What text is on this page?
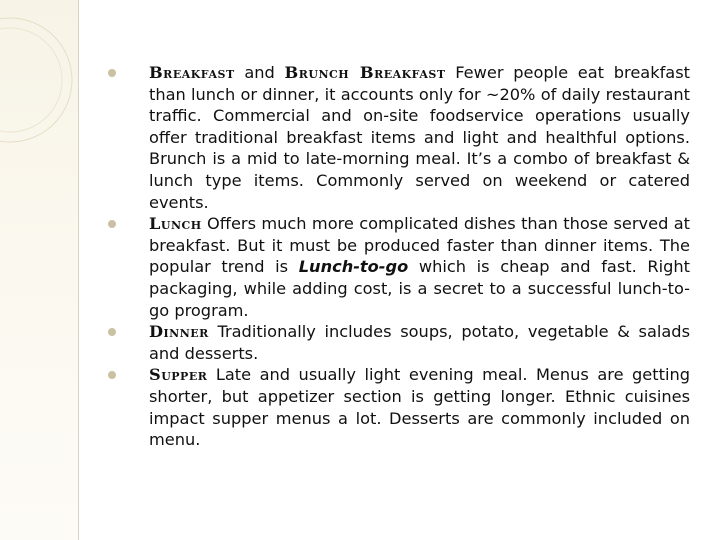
Breakfast and Brunch Breakfast Fewer people eat breakfast than lunch or dinner, it accounts only for ~20% of daily restaurant traffic. Commercial and on-site foodservice operations usually offer traditional breakfast items and light and healthful options. Brunch is a mid to late-morning meal. It’s a combo of breakfast & lunch type items. Commonly served on weekend or catered events.
Lunch Offers much more complicated dishes than those served at breakfast. But it must be produced faster than dinner items. The popular trend is Lunch-to-go which is cheap and fast. Right packaging, while adding cost, is a secret to a successful lunch-to-go program.
Dinner Traditionally includes soups, potato, vegetable & salads and desserts.
Supper Late and usually light evening meal. Menus are getting shorter, but appetizer section is getting longer. Ethnic cuisines impact supper menus a lot. Desserts are commonly included on menu.
